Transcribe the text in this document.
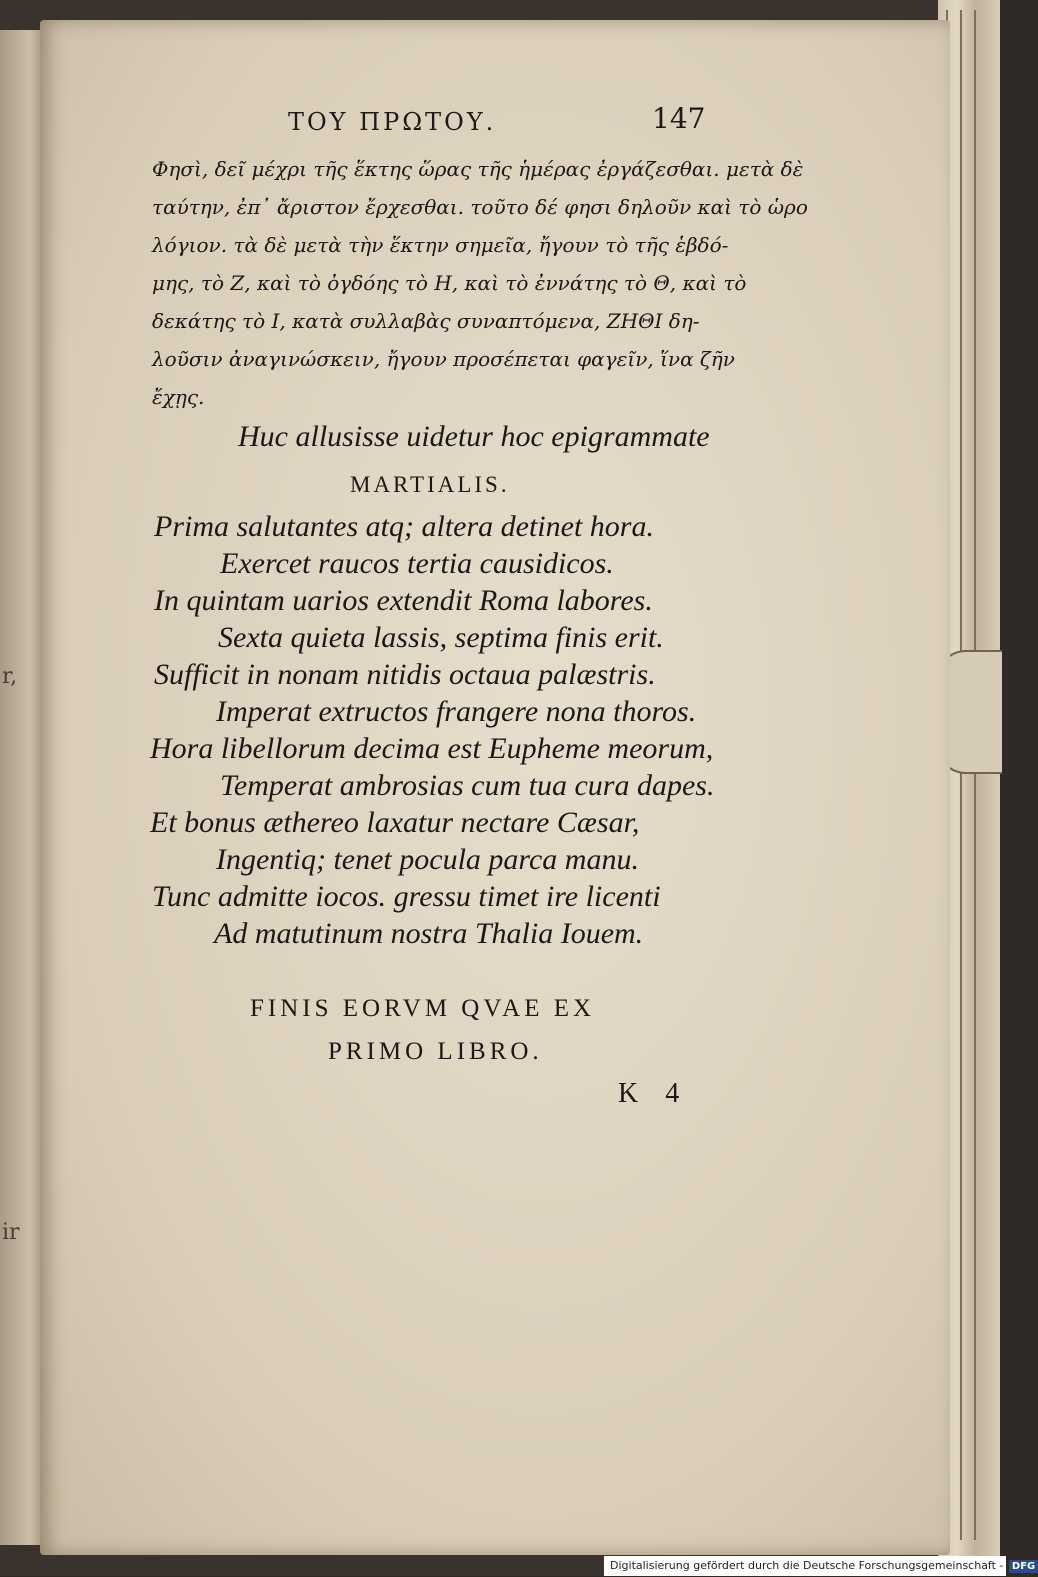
r,
ir
ΤΟΥ ΠΡΩΤΟΥ.	147

Φησὶ, δεῖ μέχρι τῆς ἕκτης ὥρας τῆς ἡμέρας ἐργάζεσθαι. μετὰ δὲ

ταύτην, ἐπ᾽ ἄριστον ἔρχεσθαι. τοῦτο δέ φησι δηλοῦν καὶ τὸ ὡρο

λόγιον. τὰ δὲ μετὰ τὴν ἕκτην σημεῖα, ἤγουν τὸ τῆς ἑβδό-

μης, τὸ Ζ, καὶ τὸ ὀγδόης τὸ Η, καὶ τὸ ἐννάτης τὸ Θ, καὶ τὸ

δεκάτης τὸ Ι, κατὰ συλλαβὰς συναπτόμενα, ΖΗΘΙ δη-

λοῦσιν ἀναγινώσκειν, ἤγουν προσέπεται φαγεῖν, ἵνα ζῆν

ἔχῃς.

Huc allusisse uidetur hoc epigrammate
MARTIALIS.
Prima salutantes atq; altera detinet hora.
Exercet raucos tertia causidicos.
In quintam uarios extendit Roma labores.
Sexta quieta lassis, septima finis erit.
Sufficit in nonam nitidis octaua palæstris.
Imperat extructos frangere nona thoros.
Hora libellorum decima est Eupheme meorum,
Temperat ambrosias cum tua cura dapes.
Et bonus æthereo laxatur nectare Cæsar,
Ingentiq; tenet pocula parca manu.
Tunc admitte iocos. gressu timet ire licenti
Ad matutinum nostra Thalia Iouem.
FINIS EORVM QVAE EX
PRIMO LIBRO.
K 4
Digitalisierung gefördert durch die Deutsche Forschungsgemeinschaft - DFG
